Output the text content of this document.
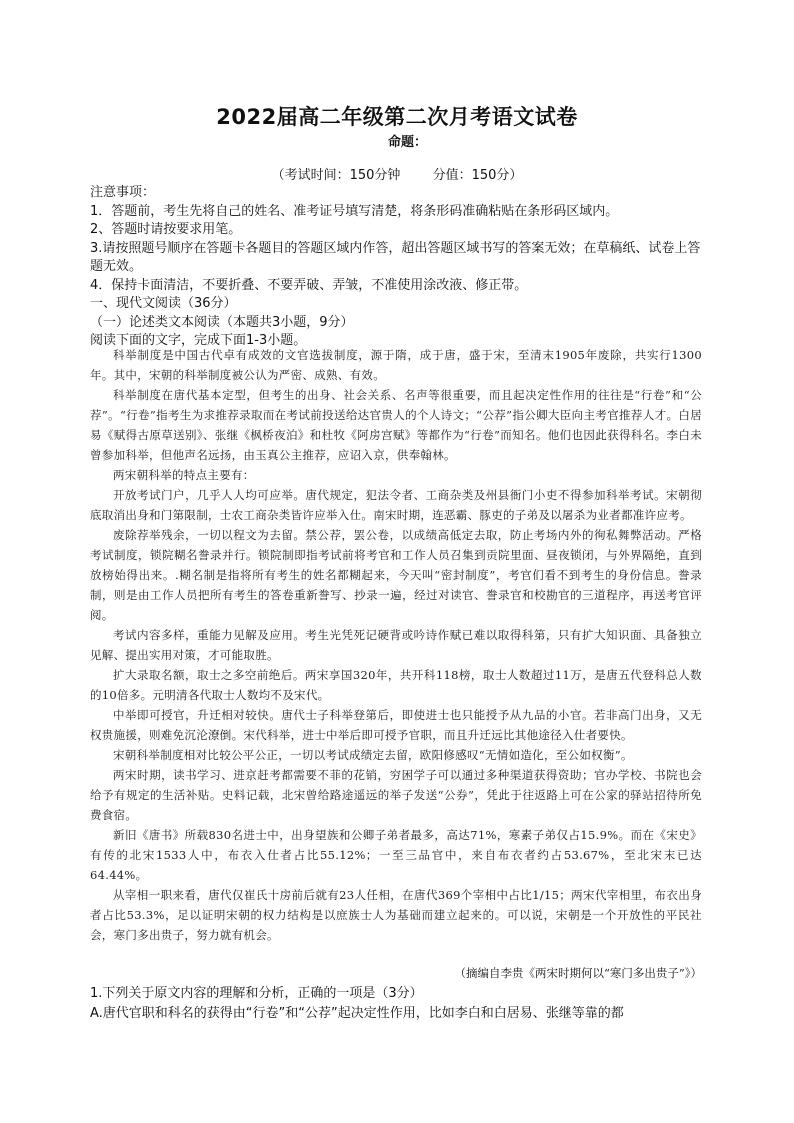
2022届高二年级第二次月考语文试卷
命题：
（考试时间：150分钟 分值：150分）
注意事项：
1．答题前，考生先将自己的姓名、准考证号填写清楚，将条形码准确粘贴在条形码区域内。
2、答题时请按要求用笔。
3.请按照题号顺序在答题卡各题目的答题区域内作答，超出答题区域书写的答案无效；在草稿纸、试卷上答题无效。
4．保持卡面清洁，不要折叠、不要弄破、弄皱，不准使用涂改液、修正带。
一、现代文阅读（36分）
（一）论述类文本阅读（本题共3小题，9分）
阅读下面的文字，完成下面1-3小题。

科举制度是中国古代卓有成效的文官选拔制度，源于隋，成于唐，盛于宋，至清末1905年废除，共实行1300年。其中，宋朝的科举制度被公认为严密、成熟、有效。

科举制度在唐代基本定型，但考生的出身、社会关系、名声等很重要，而且起决定性作用的往往是“行卷”和“公荐”。“行卷”指考生为求推荐录取而在考试前投送给达官贵人的个人诗文；“公荐”指公卿大臣向主考官推荐人才。白居易《赋得古原草送别》、张继《枫桥夜泊》和杜牧《阿房宫赋》等都作为“行卷”而知名。他们也因此获得科名。李白未曾参加科举，但他声名远扬，由玉真公主推荐，应诏入京，供奉翰林。

两宋朝科举的特点主要有：

开放考试门户，几乎人人均可应举。唐代规定，犯法令者、工商杂类及州县衙门小吏不得参加科举考试。宋朝彻底取消出身和门第限制，士农工商杂类皆许应举入仕。南宋时期，连恶霸、豚吏的子弟及以屠杀为业者都准许应考。

废除荐举残余，一切以程文为去留。禁公荐，罢公卷，以成绩高低定去取，防止考场内外的徇私舞弊活动。严格考试制度，锁院糊名誊录并行。锁院制即指考试前将考官和工作人员召集到贡院里面、昼夜锁闭，与外界隔绝，直到放榜始得出来。.糊名制是指将所有考生的姓名都糊起来，今天叫“密封制度”，考官们看不到考生的身份信息。誊录制，则是由工作人员把所有考生的答卷重新誊写、抄录一遍，经过对读官、誊录官和校勘官的三道程序，再送考官评阅。

考试内容多样，重能力见解及应用。考生光凭死记硬背或吟诗作赋已难以取得科第，只有扩大知识面、具备独立见解、提出实用对策，才可能取胜。

扩大录取名额，取士之多空前绝后。两宋享国320年，共开科118榜，取士人数超过11万，是唐五代登科总人数的10倍多。元明清各代取士人数均不及宋代。

中举即可授官，升迁相对较快。唐代士子科举登第后，即使进士也只能授予从九品的小官。若非高门出身，又无权贵施援，则难免沉沦潦倒。宋代科举，进士中举后即可授予官职，而且升迁远比其他途径入仕者要快。

宋朝科举制度相对比较公平公正，一切以考试成绩定去留，欧阳修感叹“无情如造化，至公如权衡”。

两宋时期，读书学习、进京赶考都需要不菲的花销，穷困学子可以通过多种渠道获得资助；官办学校、书院也会给予有规定的生活补贴。史料记载，北宋曾给路途遥远的举子发送“公券”，凭此于往返路上可在公家的驿站招待所免费食宿。

新旧《唐书》所载830名进士中，出身望族和公卿子弟者最多，高达71%，寒素子弟仅占15.9%。而在《宋史》有传的北宋1533人中，布衣入仕者占比55.12%；一至三品官中，来自布衣者约占53.67%，至北宋末已达64.44%。

从宰相一职来看，唐代仅崔氏十房前后就有23人任相，在唐代369个宰相中占比1/15；两宋代宰相里，布衣出身者占比53.3%，足以证明宋朝的权力结构是以庶族士人为基础而建立起来的。可以说，宋朝是一个开放性的平民社会，寒门多出贵子，努力就有机会。

（摘编自李贵《两宋时期何以“寒门多出贵子”》）
1.下列关于原文内容的理解和分析，正确的一项是（3分）
A.唐代官职和科名的获得由“行卷”和“公荐”起决定性作用，比如李白和白居易、张继等靠的都
